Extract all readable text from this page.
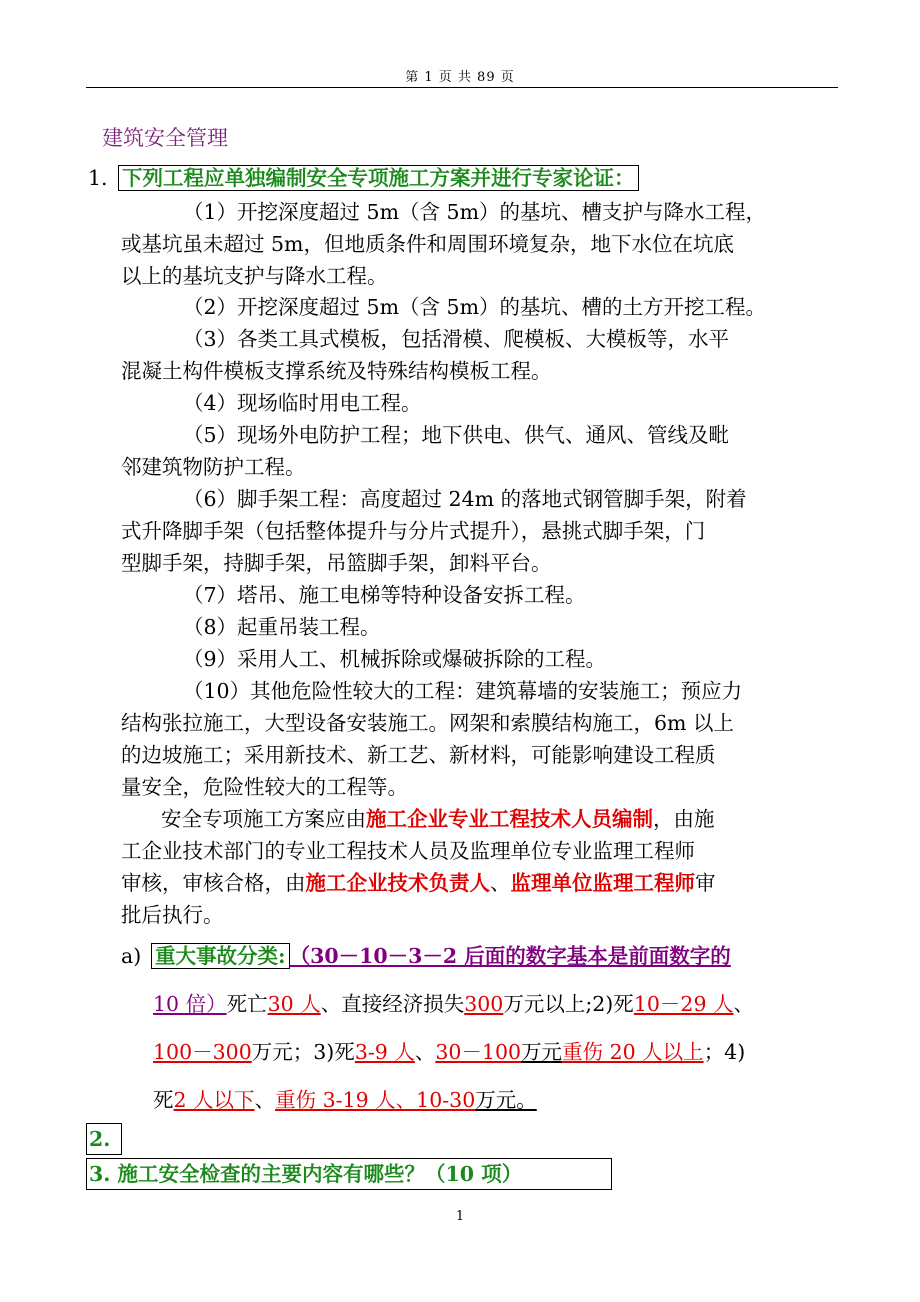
第 1 页 共 89 页
建筑安全管理
1. 下列工程应单独编制安全专项施工方案并进行专家论证：
（1）开挖深度超过 5m（含 5m）的基坑、槽支护与降水工程，
或基坑虽未超过 5m，但地质条件和周围环境复杂，地下水位在坑底
以上的基坑支护与降水工程。
（2）开挖深度超过 5m（含 5m）的基坑、槽的土方开挖工程。
（3）各类工具式模板，包括滑模、爬模板、大模板等，水平
混凝土构件模板支撑系统及特殊结构模板工程。
（4）现场临时用电工程。
（5）现场外电防护工程；地下供电、供气、通风、管线及毗
邻建筑物防护工程。
（6）脚手架工程：高度超过 24m 的落地式钢管脚手架，附着
式升降脚手架（包括整体提升与分片式提升），悬挑式脚手架，门
型脚手架，持脚手架，吊篮脚手架，卸料平台。
（7）塔吊、施工电梯等特种设备安拆工程。
（8）起重吊装工程。
（9）采用人工、机械拆除或爆破拆除的工程。
（10）其他危险性较大的工程：建筑幕墙的安装施工；预应力
结构张拉施工，大型设备安装施工。网架和索膜结构施工，6m 以上
的边坡施工；采用新技术、新工艺、新材料，可能影响建设工程质
量安全，危险性较大的工程等。
安全专项施工方案应由施工企业专业工程技术人员编制，由施
工企业技术部门的专业工程技术人员及监理单位专业监理工程师
审核，审核合格，由施工企业技术负责人、监理单位监理工程师审
批后执行。
a) 重大事故分类: （30－10－3－2 后面的数字基本是前面数字的
10 倍）死亡30 人、直接经济损失300万元以上;2)死10－29 人、
100－300万元；3)死3-9 人、30－100万元重伤 20 人以上；4)
死2 人以下、重伤 3-19 人、10-30万元。
2.
3. 施工安全检查的主要内容有哪些？（10 项）
1
